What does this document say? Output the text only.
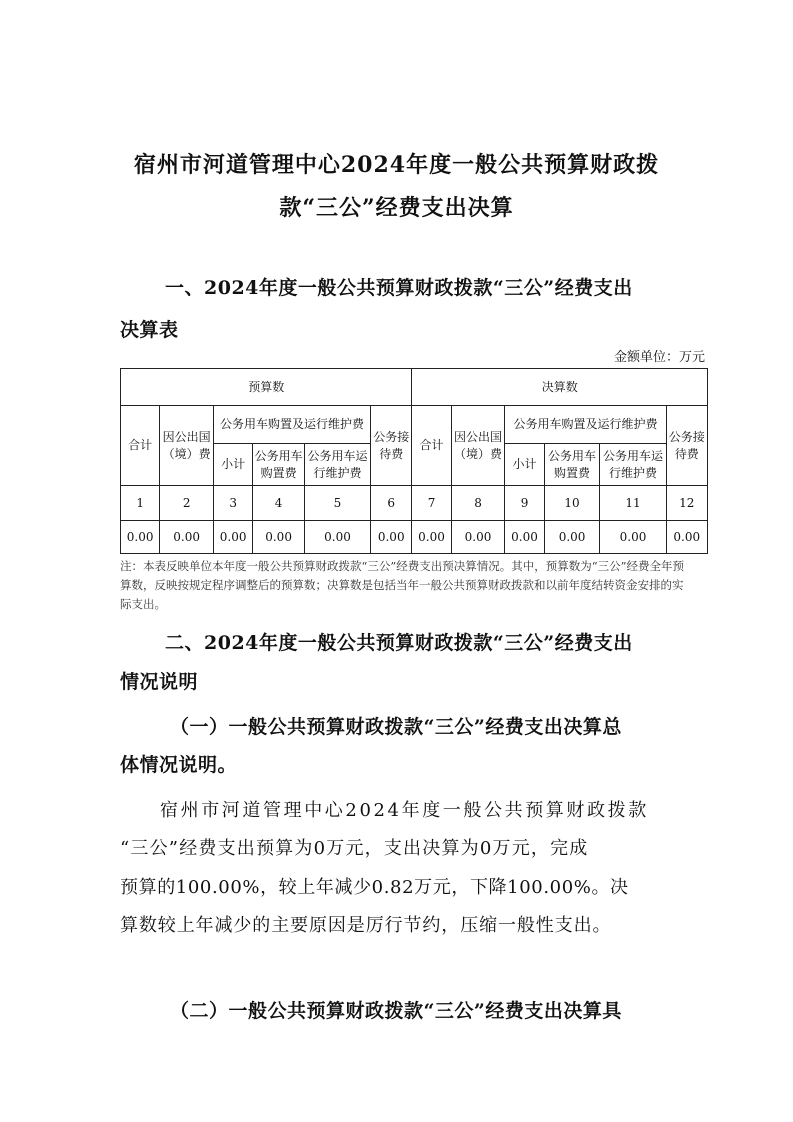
宿州市河道管理中心2024年度一般公共预算财政拨
款“三公”经费支出决算
一、2024年度一般公共预算财政拨款“三公”经费支出
决算表
金额单位：万元
预算数						决算数					
合计	因公出国（境）费	公务用车购置及运行维护费			公务接待费	合计	因公出国（境）费	公务用车购置及运行维护费			公务接待费
		小计	公务用车购置费	公务用车运行维护费				小计	公务用车购置费	公务用车运行维护费	
1	2	3	4	5	6	7	8	9	10	11	12
0.00	0.00	0.00	0.00	0.00	0.00	0.00	0.00	0.00	0.00	0.00	0.00
注：本表反映单位本年度一般公共预算财政拨款“三公”经费支出预决算情况。其中，预算数为“三公”经费全年预算数，反映按规定程序调整后的预算数；决算数是包括当年一般公共预算财政拨款和以前年度结转资金安排的实际支出。
二、2024年度一般公共预算财政拨款“三公”经费支出
情况说明
（一）一般公共预算财政拨款“三公”经费支出决算总
体情况说明。
宿州市河道管理中心2024年度一般公共预算财政拨款
“三公”经费支出预算为0万元，支出决算为0万元，完成
预算的100.00%，较上年减少0.82万元，下降100.00%。决
算数较上年减少的主要原因是厉行节约，压缩一般性支出。
（二）一般公共预算财政拨款“三公”经费支出决算具
